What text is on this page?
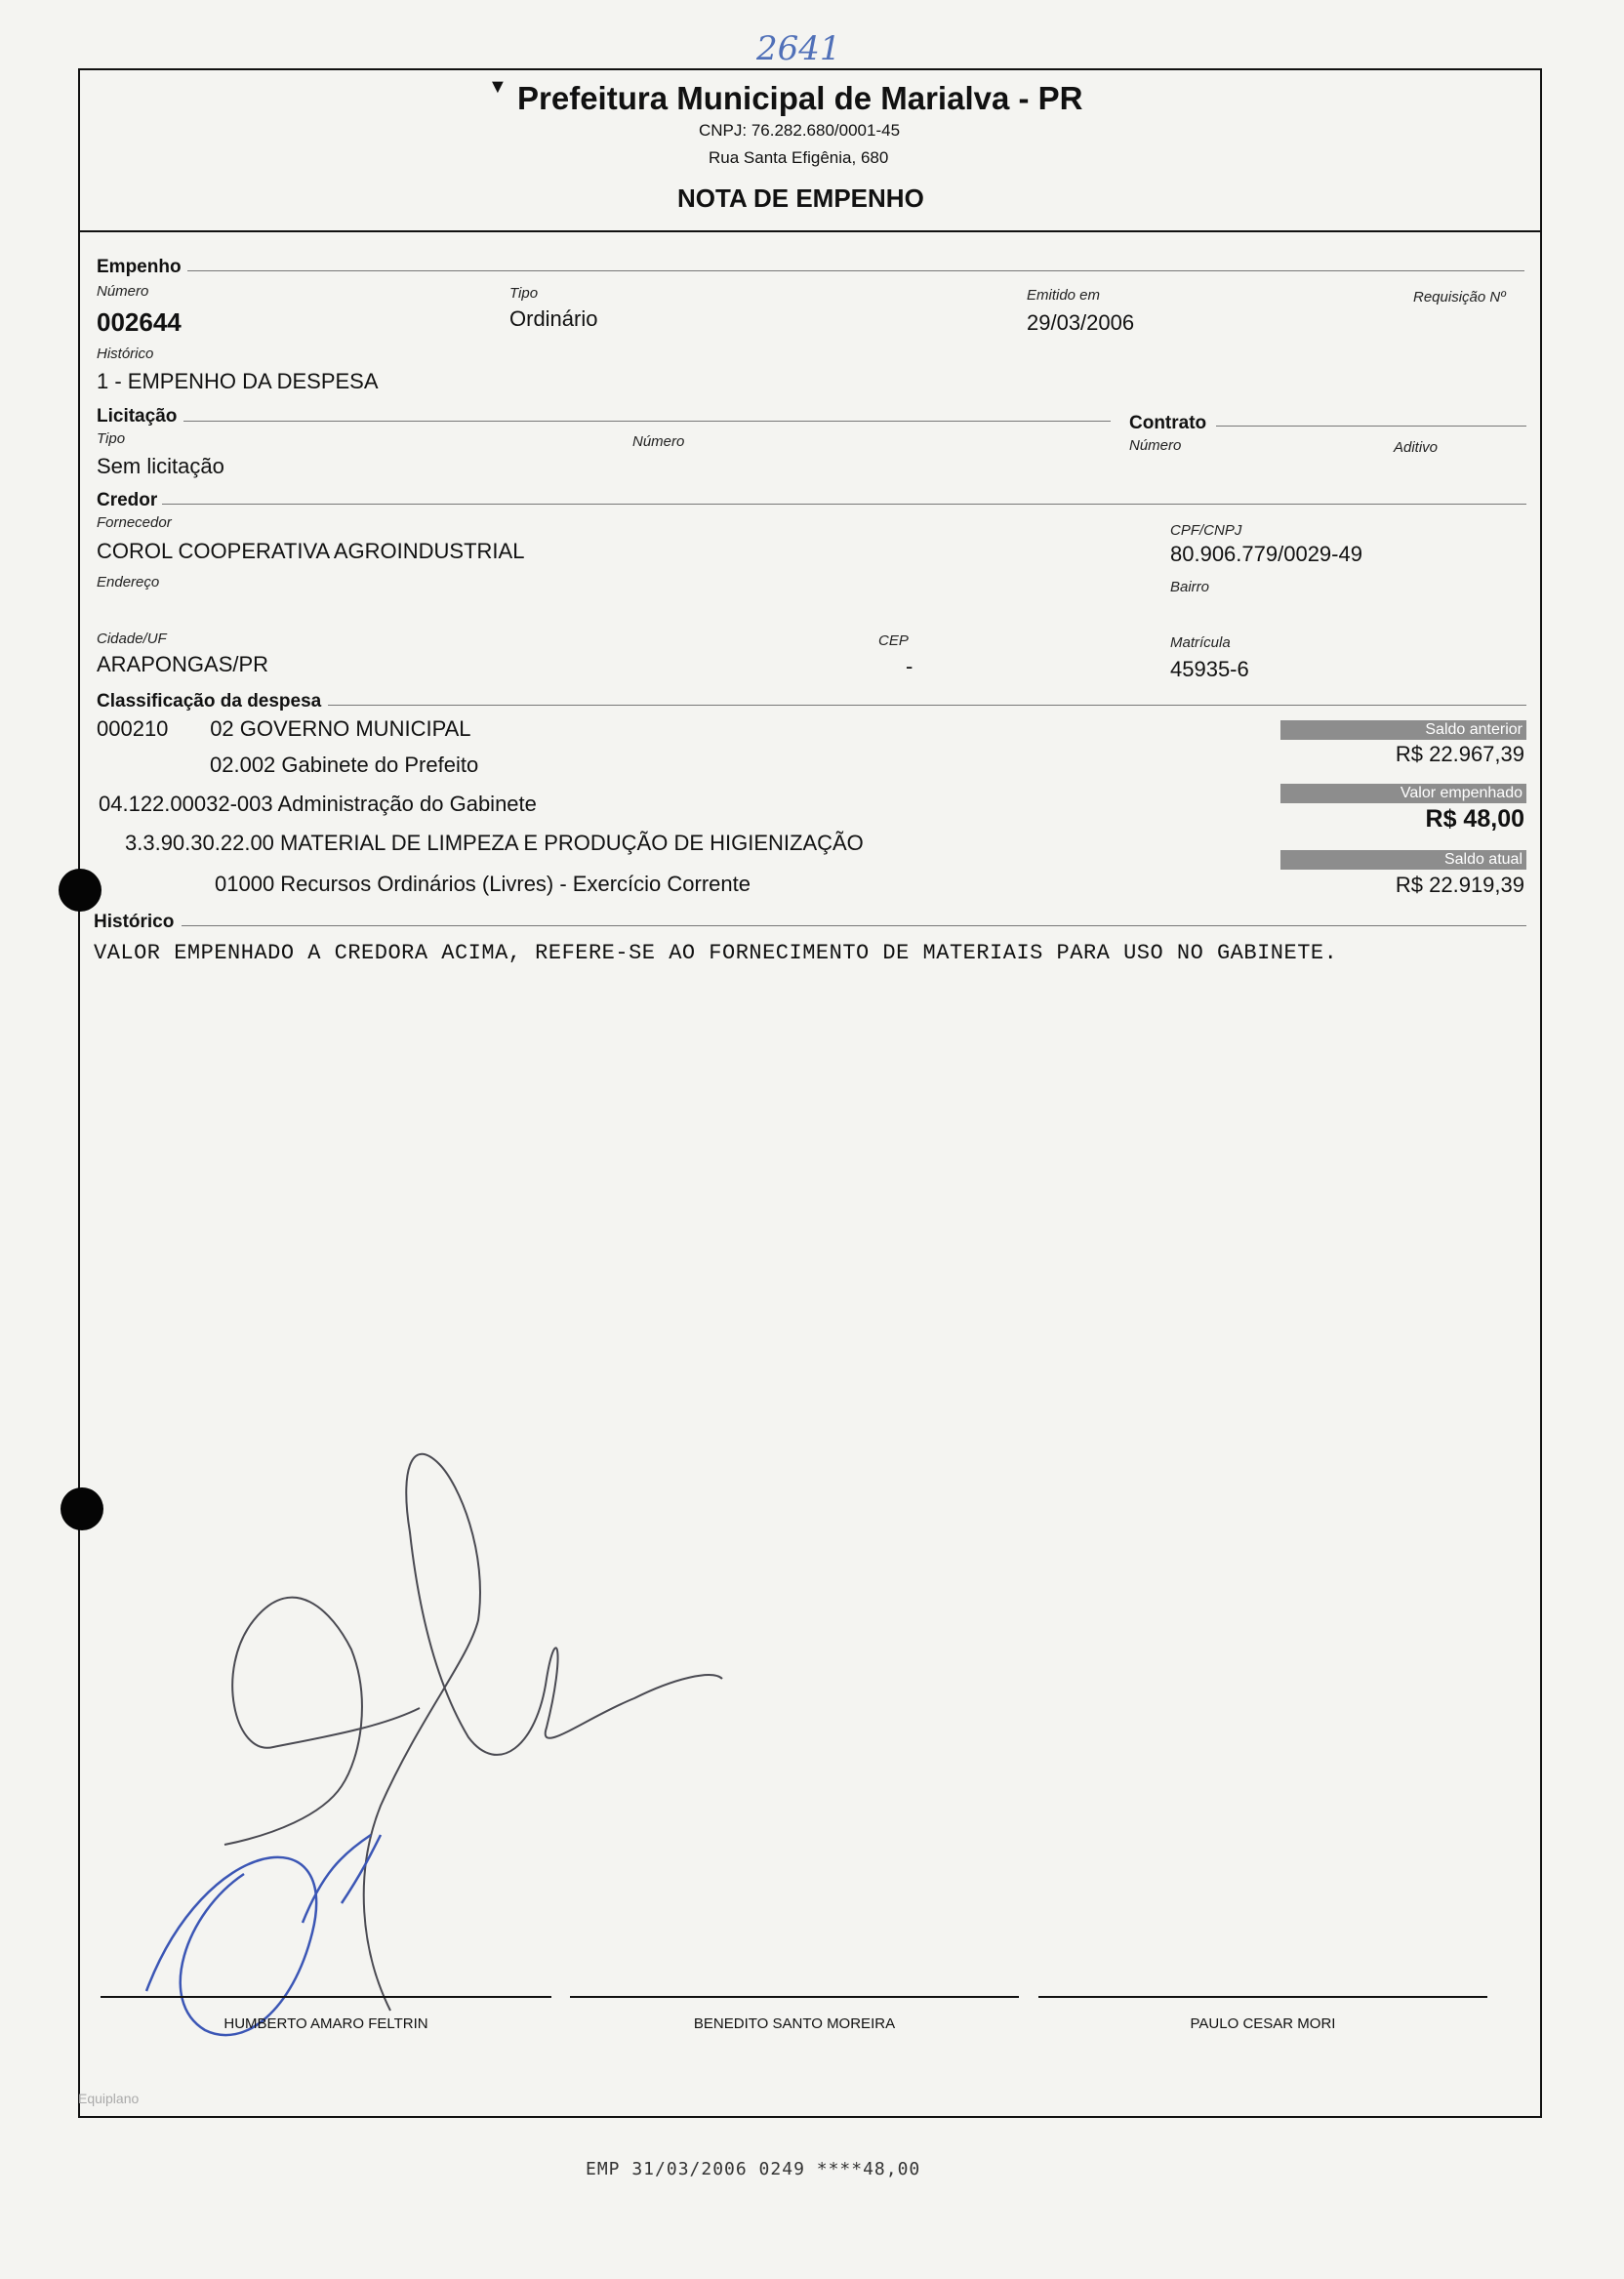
2641
▼ Prefeitura Municipal de Marialva - PR
CNPJ: 76.282.680/0001-45
Rua Santa Efigênia, 680
NOTA DE EMPENHO
Empenho
Número
002644
Tipo
Ordinário
Emitido em
29/03/2006
Requisição Nº
Histórico
1 - EMPENHO DA DESPESA
Licitação
Tipo
Sem licitação
Número
Contrato
Número	Aditivo
Credor
Fornecedor
COROL COOPERATIVA AGROINDUSTRIAL
CPF/CNPJ
80.906.779/0029-49
Endereço	Bairro
Cidade/UF
ARAPONGAS/PR
CEP
-
Matrícula
45935-6
Classificação da despesa
000210       02 GOVERNO MUNICIPAL
02.002 Gabinete do Prefeito
04.122.00032-003 Administração do Gabinete
3.3.90.30.22.00 MATERIAL DE LIMPEZA E PRODUÇÃO DE HIGIENIZAÇÃO
01000 Recursos Ordinários (Livres) - Exercício Corrente
Saldo anterior
R$ 22.967,39
Valor empenhado
R$ 48,00
Saldo atual
R$ 22.919,39
Histórico
VALOR EMPENHADO A CREDORA ACIMA, REFERE-SE AO FORNECIMENTO DE MATERIAIS PARA USO NO GABINETE.
HUMBERTO AMARO FELTRIN	BENEDITO SANTO MOREIRA	PAULO CESAR MORI
Equiplano
EMP 31/03/2006 0249 ****48,00
